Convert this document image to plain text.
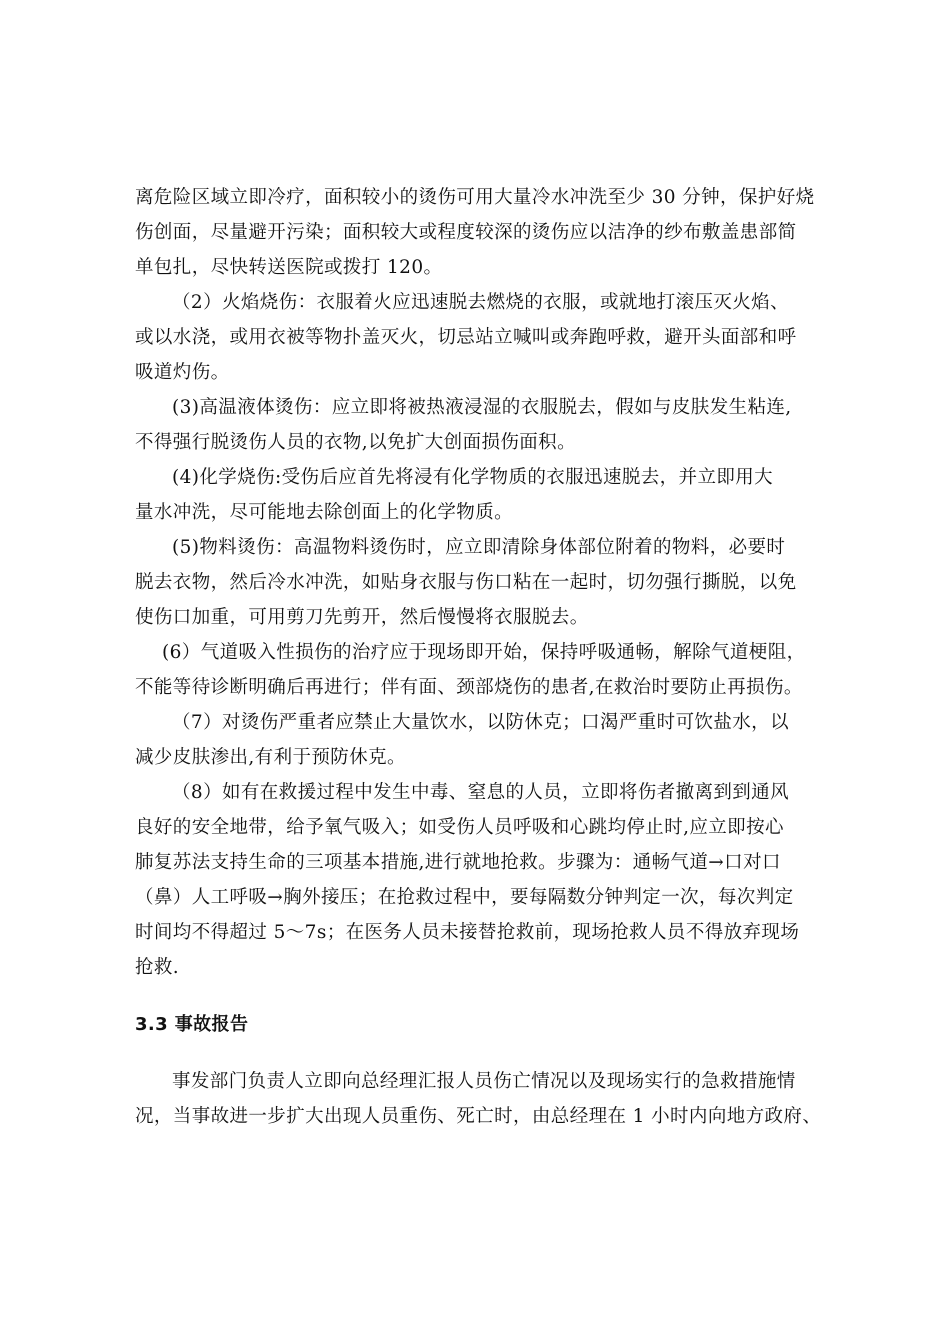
离危险区域立即冷疗，面积较小的烫伤可用大量冷水冲洗至少 30 分钟，保护好烧
伤创面，尽量避开污染；面积较大或程度较深的烫伤应以洁净的纱布敷盖患部简
单包扎，尽快转送医院或拨打 120。
（2）火焰烧伤：衣服着火应迅速脱去燃烧的衣服，或就地打滚压灭火焰、
或以水浇，或用衣被等物扑盖灭火，切忌站立喊叫或奔跑呼救，避开头面部和呼
吸道灼伤。
(3)高温液体烫伤：应立即将被热液浸湿的衣服脱去，假如与皮肤发生粘连,
不得强行脱烫伤人员的衣物,以免扩大创面损伤面积。
(4)化学烧伤:受伤后应首先将浸有化学物质的衣服迅速脱去，并立即用大
量水冲洗，尽可能地去除创面上的化学物质。
(5)物料烫伤：高温物料烫伤时，应立即清除身体部位附着的物料，必要时
脱去衣物，然后冷水冲洗，如贴身衣服与伤口粘在一起时，切勿强行撕脱，以免
使伤口加重，可用剪刀先剪开，然后慢慢将衣服脱去。
(6）气道吸入性损伤的治疗应于现场即开始，保持呼吸通畅，解除气道梗阻，
不能等待诊断明确后再进行；伴有面、颈部烧伤的患者,在救治时要防止再损伤。
（7）对烫伤严重者应禁止大量饮水，以防休克；口渴严重时可饮盐水，以
减少皮肤渗出,有利于预防休克。
（8）如有在救援过程中发生中毒、窒息的人员，立即将伤者撤离到到通风
良好的安全地带，给予氧气吸入；如受伤人员呼吸和心跳均停止时,应立即按心
肺复苏法支持生命的三项基本措施,进行就地抢救。步骤为：通畅气道→口对口
（鼻）人工呼吸→胸外接压；在抢救过程中，要每隔数分钟判定一次，每次判定
时间均不得超过 5～7s；在医务人员未接替抢救前，现场抢救人员不得放弃现场
抢救.
3.3 事故报告
事发部门负责人立即向总经理汇报人员伤亡情况以及现场实行的急救措施情
况，当事故进一步扩大出现人员重伤、死亡时，由总经理在 1 小时内向地方政府、
